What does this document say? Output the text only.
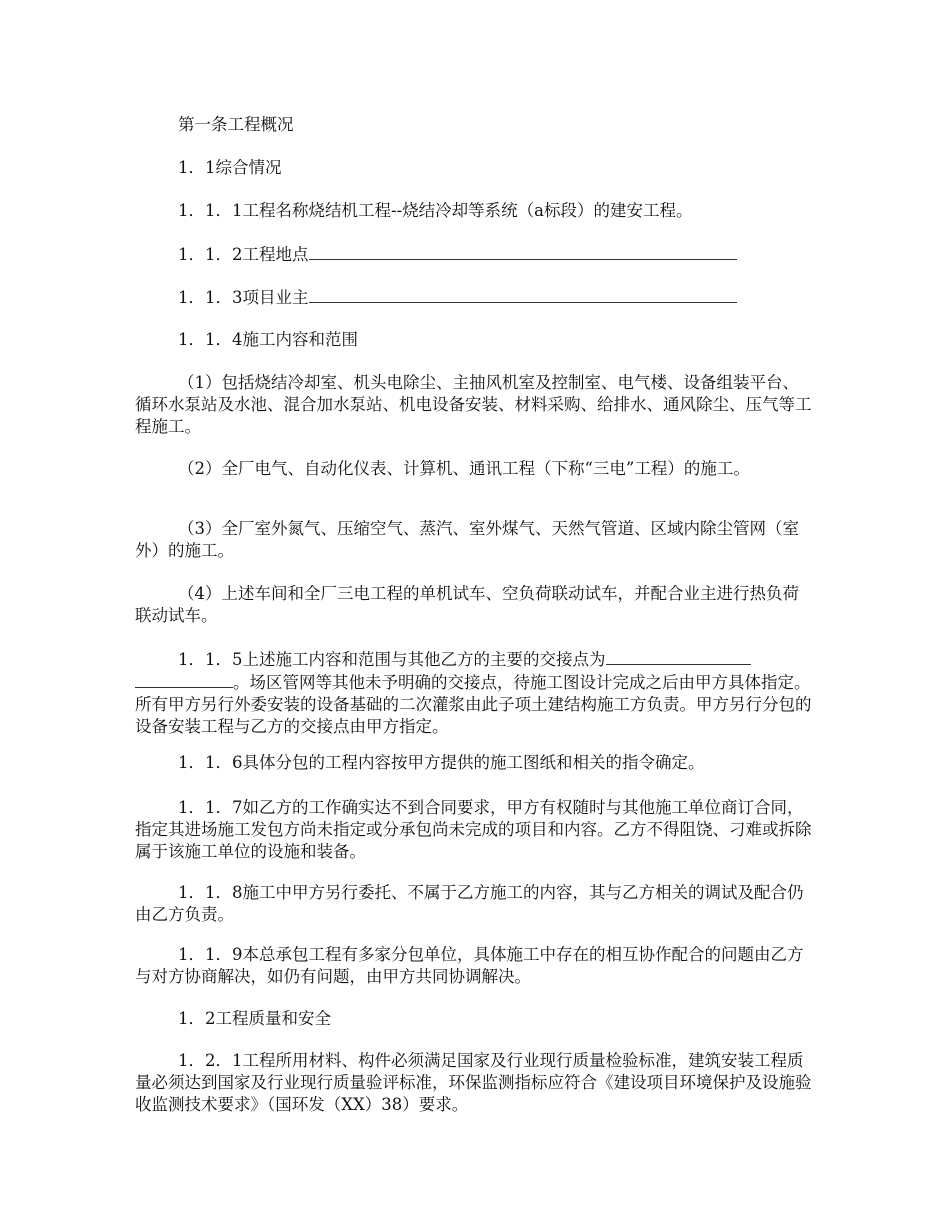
第一条工程概况

1．1综合情况

1．1．1工程名称烧结机工程--烧结冷却等系统（a标段）的建安工程。

1．1．2工程地点

1．1．3项目业主

1．1．4施工内容和范围

（1）包括烧结冷却室、机头电除尘、主抽风机室及控制室、电气楼、设备组装平台、循环水泵站及水池、混合加水泵站、机电设备安装、材料采购、给排水、通风除尘、压气等工程施工。

（2）全厂电气、自动化仪表、计算机、通讯工程（下称“三电”工程）的施工。

（3）全厂室外氮气、压缩空气、蒸汽、室外煤气、天然气管道、区域内除尘管网（室外）的施工。

（4）上述车间和全厂三电工程的单机试车、空负荷联动试车，并配合业主进行热负荷联动试车。

1．1．5上述施工内容和范围与其他乙方的主要的交接点为。场区管网等其他未予明确的交接点，待施工图设计完成之后由甲方具体指定。所有甲方另行外委安装的设备基础的二次灌浆由此子项土建结构施工方负责。甲方另行分包的设备安装工程与乙方的交接点由甲方指定。

1．1．6具体分包的工程内容按甲方提供的施工图纸和相关的指令确定。

1．1．7如乙方的工作确实达不到合同要求，甲方有权随时与其他施工单位商订合同，指定其进场施工发包方尚未指定或分承包尚未完成的项目和内容。乙方不得阻饶、刁难或拆除属于该施工单位的设施和装备。

1．1．8施工中甲方另行委托、不属于乙方施工的内容，其与乙方相关的调试及配合仍由乙方负责。

1．1．9本总承包工程有多家分包单位，具体施工中存在的相互协作配合的问题由乙方与对方协商解决，如仍有问题，由甲方共同协调解决。

1．2工程质量和安全

1．2．1工程所用材料、构件必须满足国家及行业现行质量检验标准，建筑安装工程质量必须达到国家及行业现行质量验评标准，环保监测指标应符合《建设项目环境保护及设施验收监测技术要求》（国环发（XX）38）要求。
